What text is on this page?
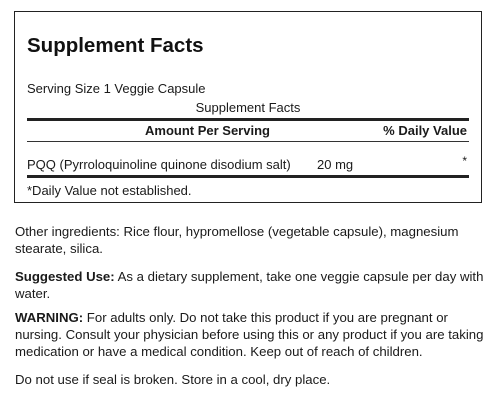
Supplement Facts
Serving Size 1 Veggie Capsule
Supplement Facts
Amount Per Serving	% Daily Value
PQQ (Pyrroloquinoline quinone disodium salt) 20 mg	*
*Daily Value not established.
Other ingredients: Rice flour, hypromellose (vegetable capsule), magnesium stearate, silica.
Suggested Use: As a dietary supplement, take one veggie capsule per day with water.
WARNING: For adults only. Do not take this product if you are pregnant or nursing. Consult your physician before using this or any product if you are taking medication or have a medical condition. Keep out of reach of children.
Do not use if seal is broken. Store in a cool, dry place.
